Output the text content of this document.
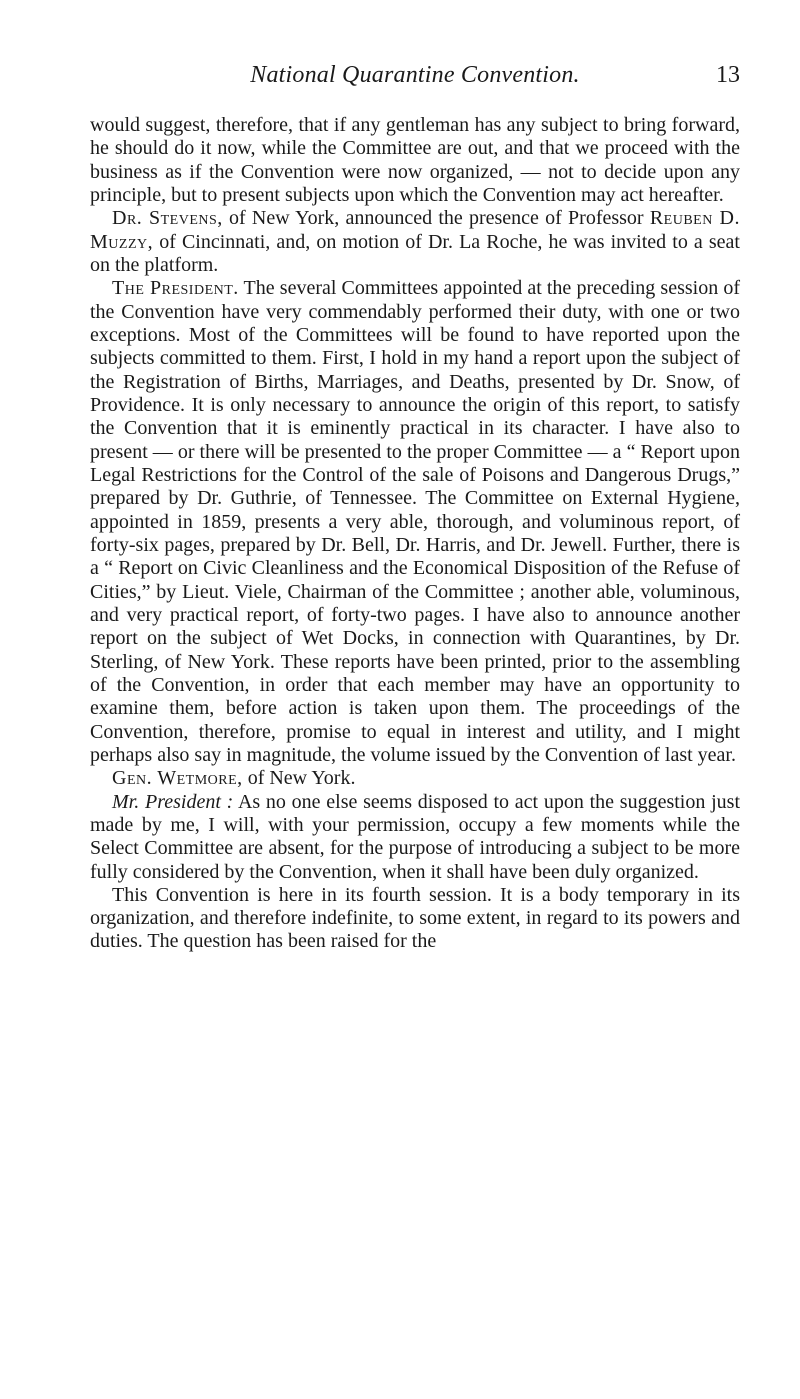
National Quarantine Convention.	13

would suggest, therefore, that if any gentleman has any subject to bring forward, he should do it now, while the Committee are out, and that we proceed with the business as if the Convention were now organized, — not to decide upon any principle, but to present subjects upon which the Convention may act hereafter.

Dr. Stevens, of New York, announced the presence of Professor Reuben D. Muzzy, of Cincinnati, and, on motion of Dr. La Roche, he was invited to a seat on the platform.

The President. The several Committees appointed at the preceding session of the Convention have very commendably performed their duty, with one or two exceptions. Most of the Committees will be found to have reported upon the subjects committed to them. First, I hold in my hand a report upon the subject of the Registration of Births, Marriages, and Deaths, presented by Dr. Snow, of Providence. It is only necessary to announce the origin of this report, to satisfy the Convention that it is eminently practical in its character. I have also to present — or there will be presented to the proper Committee — a “ Report upon Legal Restrictions for the Control of the sale of Poisons and Dangerous Drugs,” prepared by Dr. Guthrie, of Tennessee. The Committee on External Hygiene, appointed in 1859, presents a very able, thorough, and voluminous report, of forty-six pages, prepared by Dr. Bell, Dr. Harris, and Dr. Jewell. Further, there is a “ Report on Civic Cleanliness and the Economical Disposition of the Refuse of Cities,” by Lieut. Viele, Chairman of the Committee ; another able, voluminous, and very practical report, of forty-two pages. I have also to announce another report on the subject of Wet Docks, in connection with Quarantines, by Dr. Sterling, of New York. These reports have been printed, prior to the assembling of the Convention, in order that each member may have an opportunity to examine them, before action is taken upon them. The proceedings of the Convention, therefore, promise to equal in interest and utility, and I might perhaps also say in magnitude, the volume issued by the Convention of last year.

Gen. Wetmore, of New York.

Mr. President : As no one else seems disposed to act upon the suggestion just made by me, I will, with your permission, occupy a few moments while the Select Committee are absent, for the purpose of introducing a subject to be more fully considered by the Convention, when it shall have been duly organized.

This Convention is here in its fourth session. It is a body temporary in its organization, and therefore indefinite, to some extent, in regard to its powers and duties. The question has been raised for the
